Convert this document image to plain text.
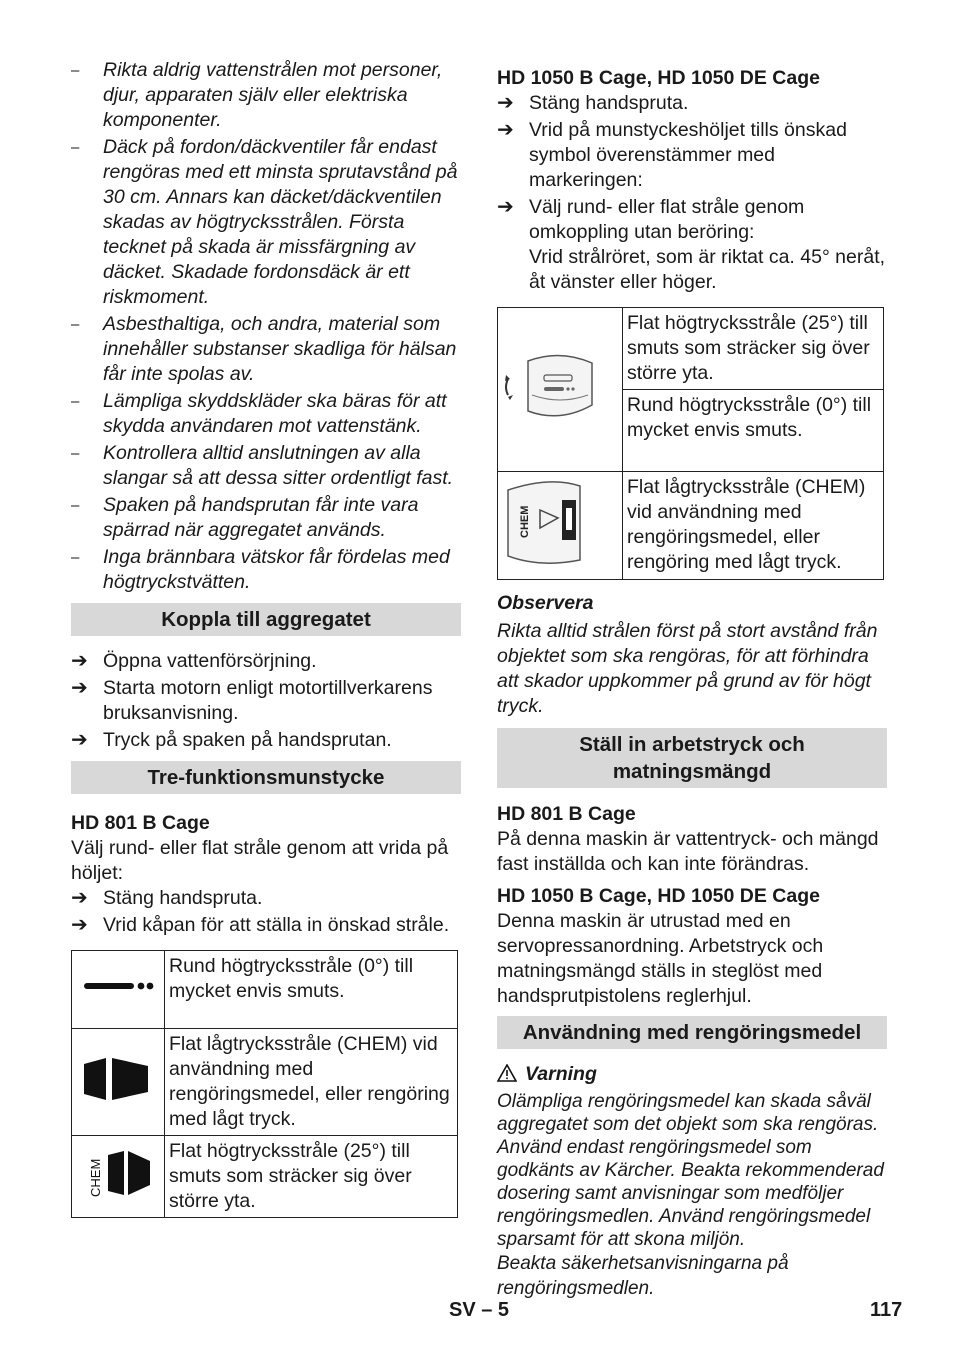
– Rikta aldrig vattenstrålen mot personer, djur, apparaten själv eller elektriska komponenter.
– Däck på fordon/däckventiler får endast rengöras med ett minsta sprutavstånd på 30 cm. Annars kan däcket/däckventilen skadas av högtrycksstrålen. Första tecknet på skada är missfärgning av däcket. Skadade fordonsdäck är ett riskmoment.
– Asbesthaltiga, och andra, material som innehåller substanser skadliga för hälsan får inte spolas av.
– Lämpliga skyddskläder ska bäras för att skydda användaren mot vattenstänk.
– Kontrollera alltid anslutningen av alla slangar så att dessa sitter ordentligt fast.
– Spaken på handsprutan får inte vara spärrad när aggregatet används.
– Inga brännbara vätskor får fördelas med högtryckstvätten.
Koppla till aggregatet
➔ Öppna vattenförsörjning.
➔ Starta motorn enligt motortillverkarens bruksanvisning.
➔ Tryck på spaken på handsprutan.
Tre-funktionsmunstycke

HD 801 B Cage

Välj rund- eller flat stråle genom att vrida på höljet:

➔ Stäng handspruta.
➔ Vrid kåpan för att ställa in önskad stråle.
	Rund högtrycksstråle (0°) till mycket envis smuts.
	Flat lågtrycksstråle (CHEM) vid användning med rengöringsmedel, eller rengöring med lågt tryck.

CHEM	Flat högtrycksstråle (25°) till smuts som sträcker sig över större yta.

HD 1050 B Cage, HD 1050 DE Cage

➔ Stäng handspruta.
➔ Vrid på munstyckeshöljet tills önskad symbol överenstämmer med markeringen:
➔ Välj rund- eller flat stråle genom omkoppling utan beröring:
Vrid strålröret, som är riktat ca. 45° neråt, åt vänster eller höger.
	Flat högtrycksstråle (25°) till smuts som sträcker sig över större yta.
	Rund högtrycksstråle (0°) till mycket envis smuts.

CHEM	Flat lågtrycksstråle (CHEM) vid användning med rengöringsmedel, eller rengöring med lågt tryck.

Observera

Rikta alltid strålen först på stort avstånd från objektet som ska rengöras, för att förhindra att skador uppkommer på grund av för högt tryck.

Ställ in arbetstryck och matningsmängd

HD 801 B Cage

På denna maskin är vattentryck- och mängd fast inställda och kan inte förändras.

HD 1050 B Cage, HD 1050 DE Cage

Denna maskin är utrustad med en servopressanordning. Arbetstryck och matningsmängd ställs in steglöst med handsprutpistolens reglerhjul.

Användning med rengöringsmedel

Varning

Olämpliga rengöringsmedel kan skada såväl aggregatet som det objekt som ska rengöras. Använd endast rengöringsmedel som godkänts av Kärcher. Beakta rekommenderad dosering samt anvisningar som medföljer rengöringsmedlen. Använd rengöringsmedel sparsamt för att skona miljön.

Beakta säkerhetsanvisningarna på rengöringsmedlen.

SV – 5	117
